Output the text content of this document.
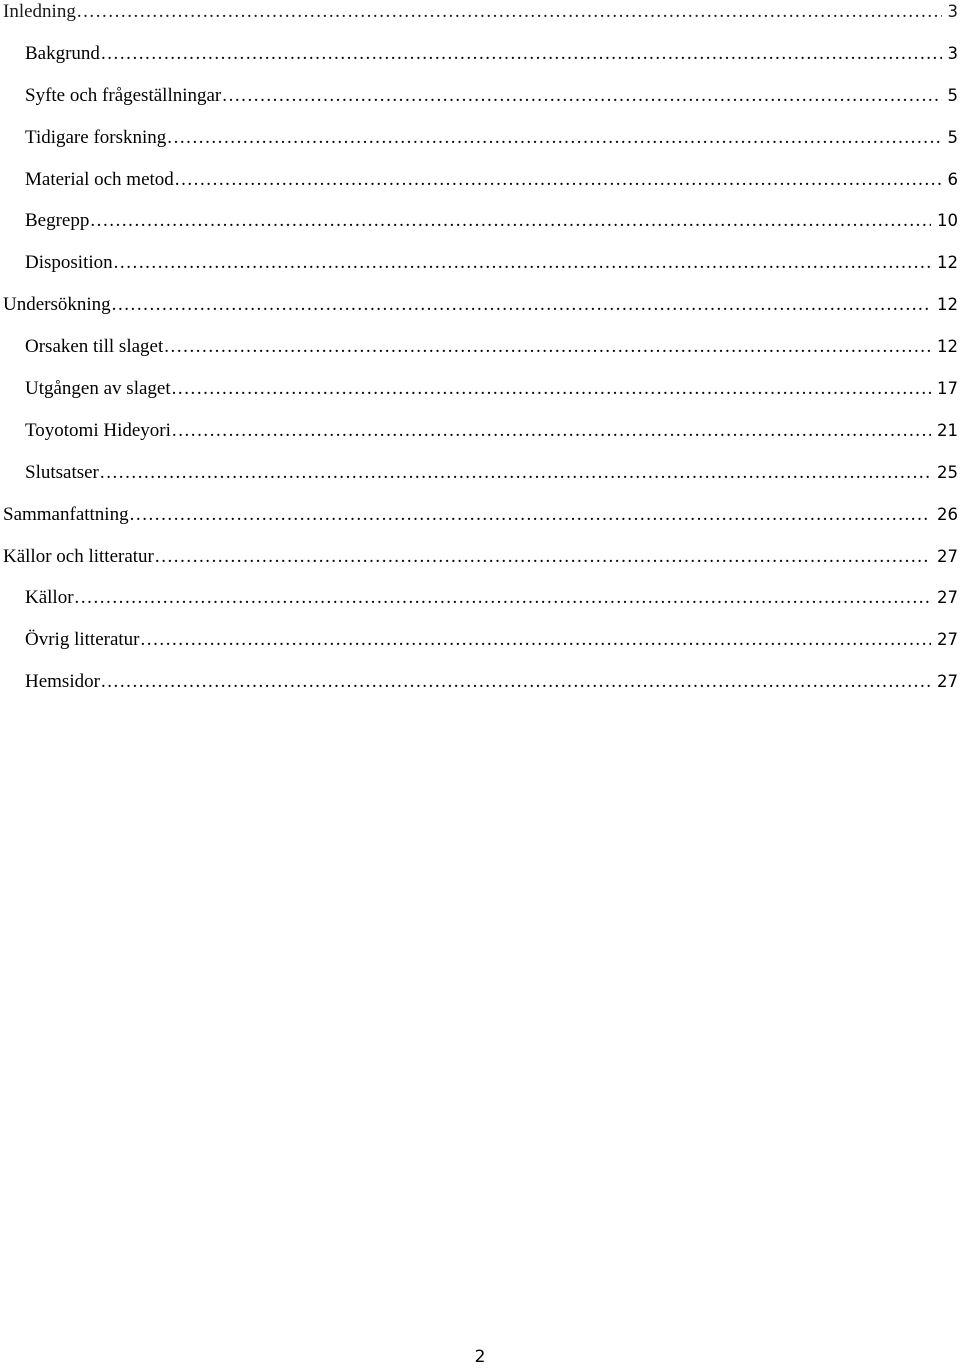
Inledning . . .	3
Bakgrund . . .	3
Syfte och frågeställningar . . .	5
Tidigare forskning . . .	5
Material och metod . . .	6
Begrepp . . .	10
Disposition . . .	12
Undersökning . . .	12
Orsaken till slaget . . .	12
Utgången av slaget . . .	17
Toyotomi Hideyori . . .	21
Slutsatser . . .	25
Sammanfattning . . .	26
Källor och litteratur . . .	27
Källor . . .	27
Övrig litteratur . . .	27
Hemsidor . . .	27
2
